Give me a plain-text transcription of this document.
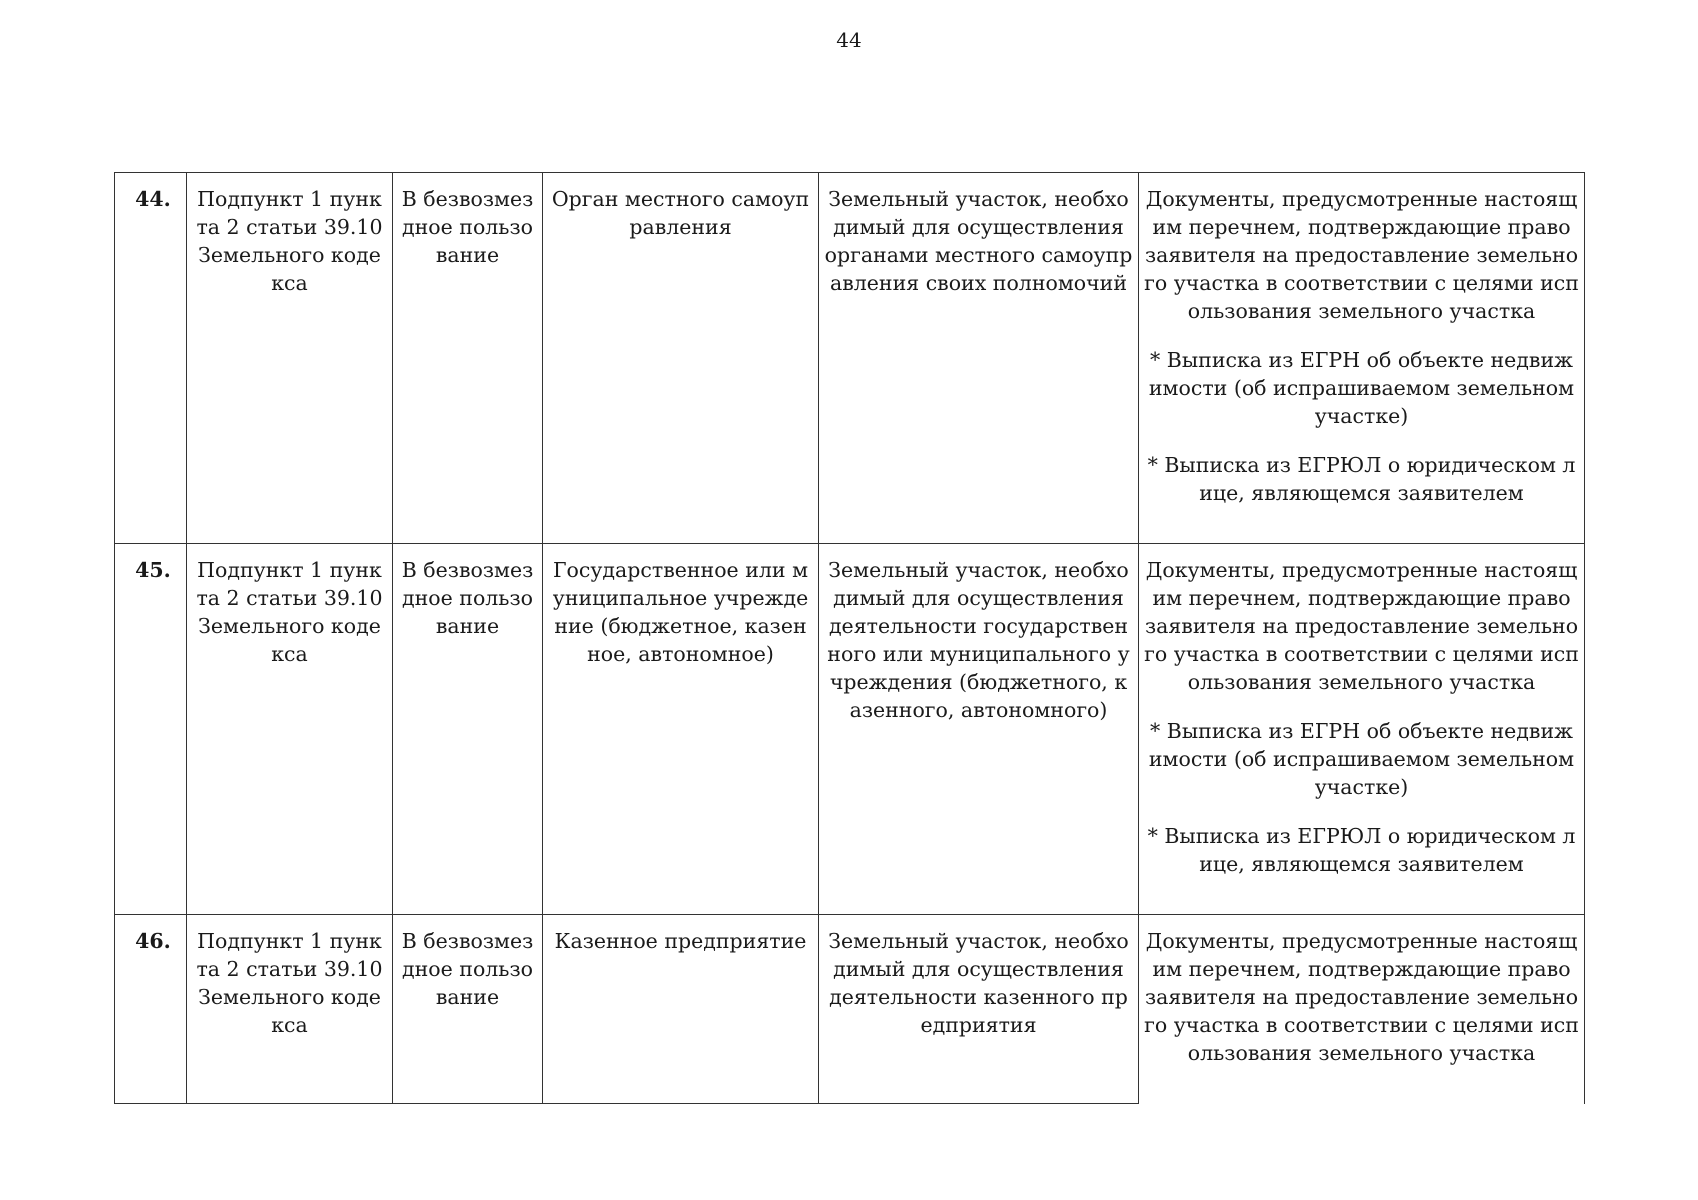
44
44.	Подпункт 1 пункта 2 статьи 39.10 Земельного кодекса	В безвозмездное пользование	Орган местного самоуправления	Земельный участок, необходимый для осуществления органами местного самоуправления своих полномочий	Документы, предусмотренные настоящим перечнем, подтверждающие право заявителя на предоставление земельного участка в соответствии с целями использования земельного участка

* Выписка из ЕГРН об объекте недвижимости (об испрашиваемом земельном участке)

* Выписка из ЕГРЮЛ о юридическом лице, являющемся заявителем

45.	Подпункт 1 пункта 2 статьи 39.10 Земельного кодекса	В безвозмездное пользование	Государственное или муниципальное учреждение (бюджетное, казенное, автономное)	Земельный участок, необходимый для осуществления деятельности государственного или муниципального учреждения (бюджетного, казенного, автономного)	Документы, предусмотренные настоящим перечнем, подтверждающие право заявителя на предоставление земельного участка в соответствии с целями использования земельного участка

* Выписка из ЕГРН об объекте недвижимости (об испрашиваемом земельном участке)

* Выписка из ЕГРЮЛ о юридическом лице, являющемся заявителем

46.	Подпункт 1 пункта 2 статьи 39.10 Земельного кодекса	В безвозмездное пользование	Казенное предприятие	Земельный участок, необходимый для осуществления деятельности казенного предприятия	Документы, предусмотренные настоящим перечнем, подтверждающие право заявителя на предоставление земельного участка в соответствии с целями использования земельного участка
